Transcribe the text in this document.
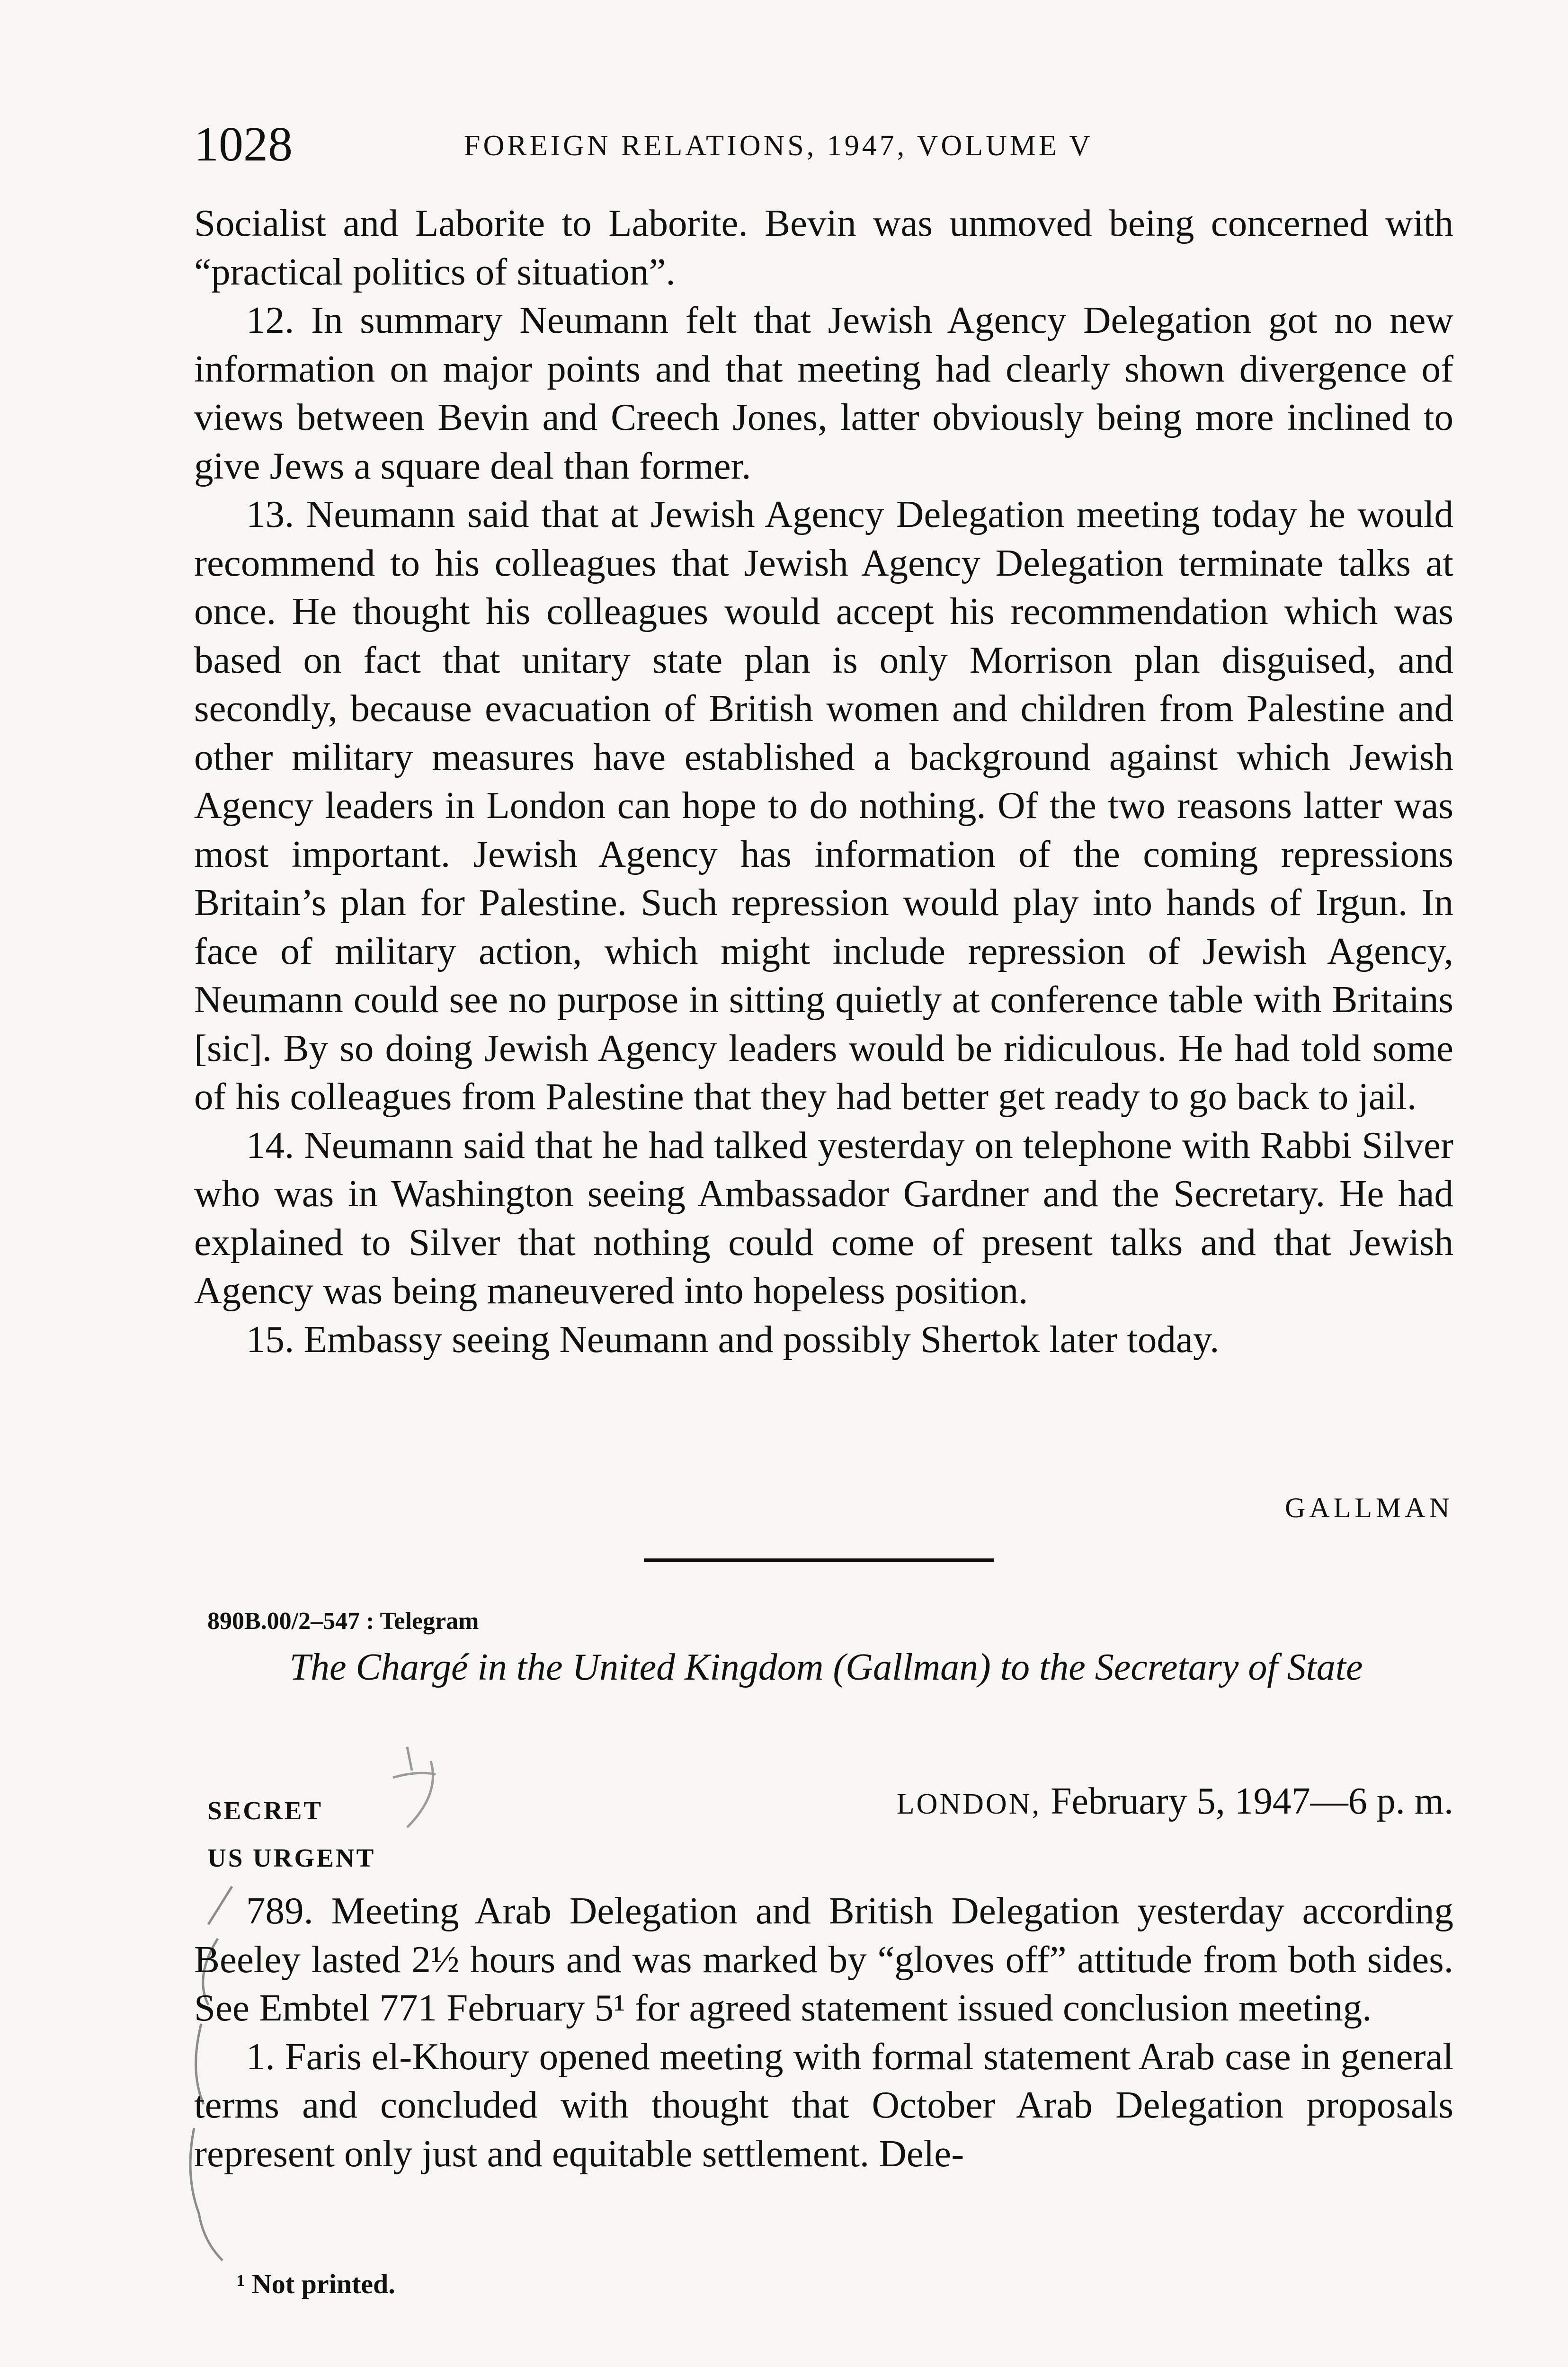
1028	FOREIGN RELATIONS, 1947, VOLUME V

Socialist and Laborite to Laborite. Bevin was unmoved being concerned with “practical politics of situation”.

12. In summary Neumann felt that Jewish Agency Delegation got no new information on major points and that meeting had clearly shown divergence of views between Bevin and Creech Jones, latter obviously being more inclined to give Jews a square deal than former.

13. Neumann said that at Jewish Agency Delegation meeting today he would recommend to his colleagues that Jewish Agency Delegation terminate talks at once. He thought his colleagues would accept his recommendation which was based on fact that unitary state plan is only Morrison plan disguised, and secondly, because evacuation of British women and children from Palestine and other military measures have established a background against which Jewish Agency leaders in London can hope to do nothing. Of the two reasons latter was most important. Jewish Agency has information of the coming repressions Britain’s plan for Palestine. Such repression would play into hands of Irgun. In face of military action, which might include repression of Jewish Agency, Neumann could see no purpose in sitting quietly at conference table with Britains [sic]. By so doing Jewish Agency leaders would be ridiculous. He had told some of his colleagues from Palestine that they had better get ready to go back to jail.

14. Neumann said that he had talked yesterday on telephone with Rabbi Silver who was in Washington seeing Ambassador Gardner and the Secretary. He had explained to Silver that nothing could come of present talks and that Jewish Agency was being maneuvered into hopeless position.

15. Embassy seeing Neumann and possibly Shertok later today.

GALLMAN
890B.00/2–547 : Telegram
The Chargé in the United Kingdom (Gallman) to the Secretary of State
SECRET	LONDON, February 5, 1947—6 p. m.
US URGENT

789. Meeting Arab Delegation and British Delegation yesterday according Beeley lasted 2½ hours and was marked by “gloves off” attitude from both sides. See Embtel 771 February 5¹ for agreed statement issued conclusion meeting.

1. Faris el-Khoury opened meeting with formal statement Arab case in general terms and concluded with thought that October Arab Delegation proposals represent only just and equitable settlement. Dele-

¹ Not printed.
